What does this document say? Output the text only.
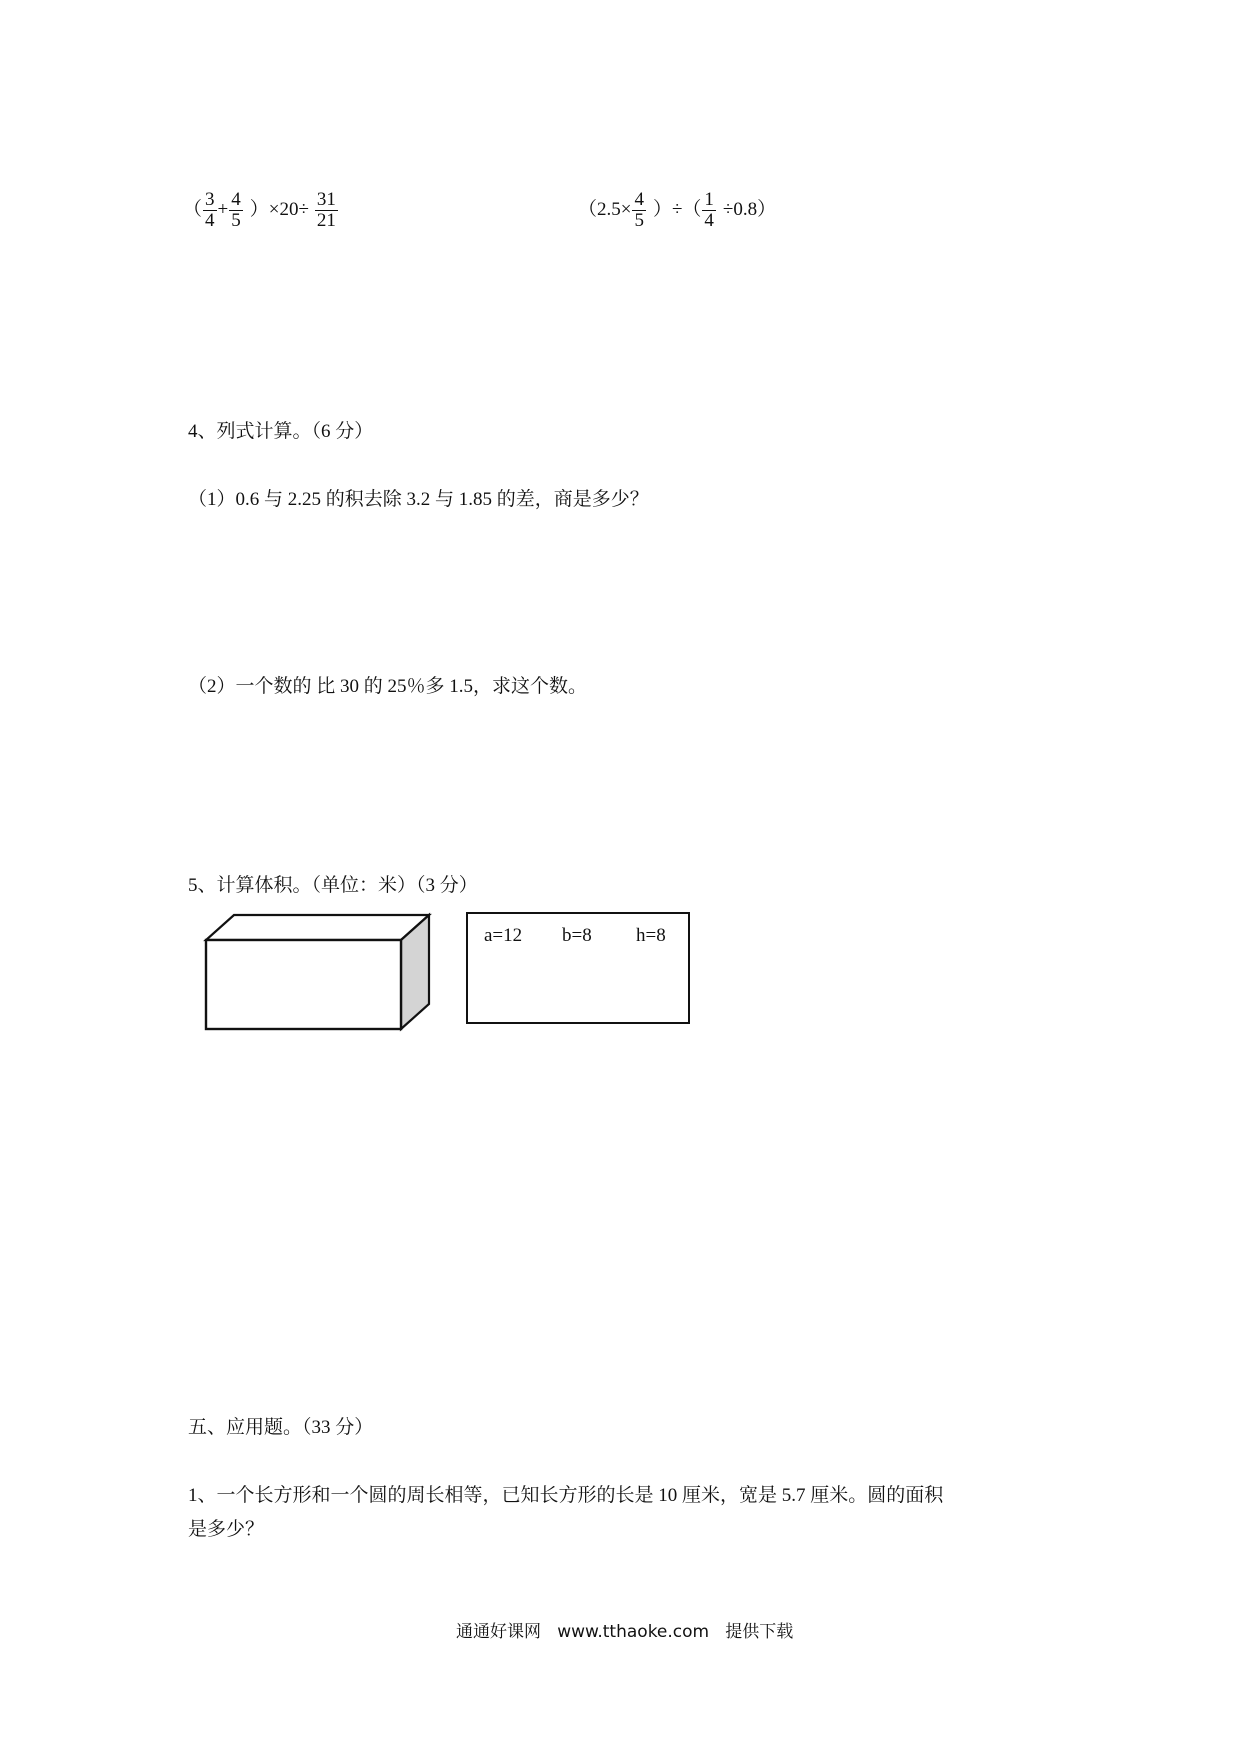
（ $\frac{3}{4} + \frac{4}{5} )\times 20\div \frac{31}{21}$	（$2.5\times \frac{4}{5}$ ）÷（ $\frac{1}{4} \div 0.8$）
4、列式计算。（6 分）
（1）0.6 与 2.25 的积去除 3.2 与 1.85 的差，商是多少？
（2）一个数的 比 30 的 25％多 1.5，求这个数。
5、计算体积。（单位：米）（3 分）
a=12 b=8 h=8
五、应用题。（33 分）
1、一个长方形和一个圆的周长相等，已知长方形的长是 10 厘米，宽是 5.7 厘米。圆的面积
是多少？
通通好课网   www.tthaoke.com   提供下载
